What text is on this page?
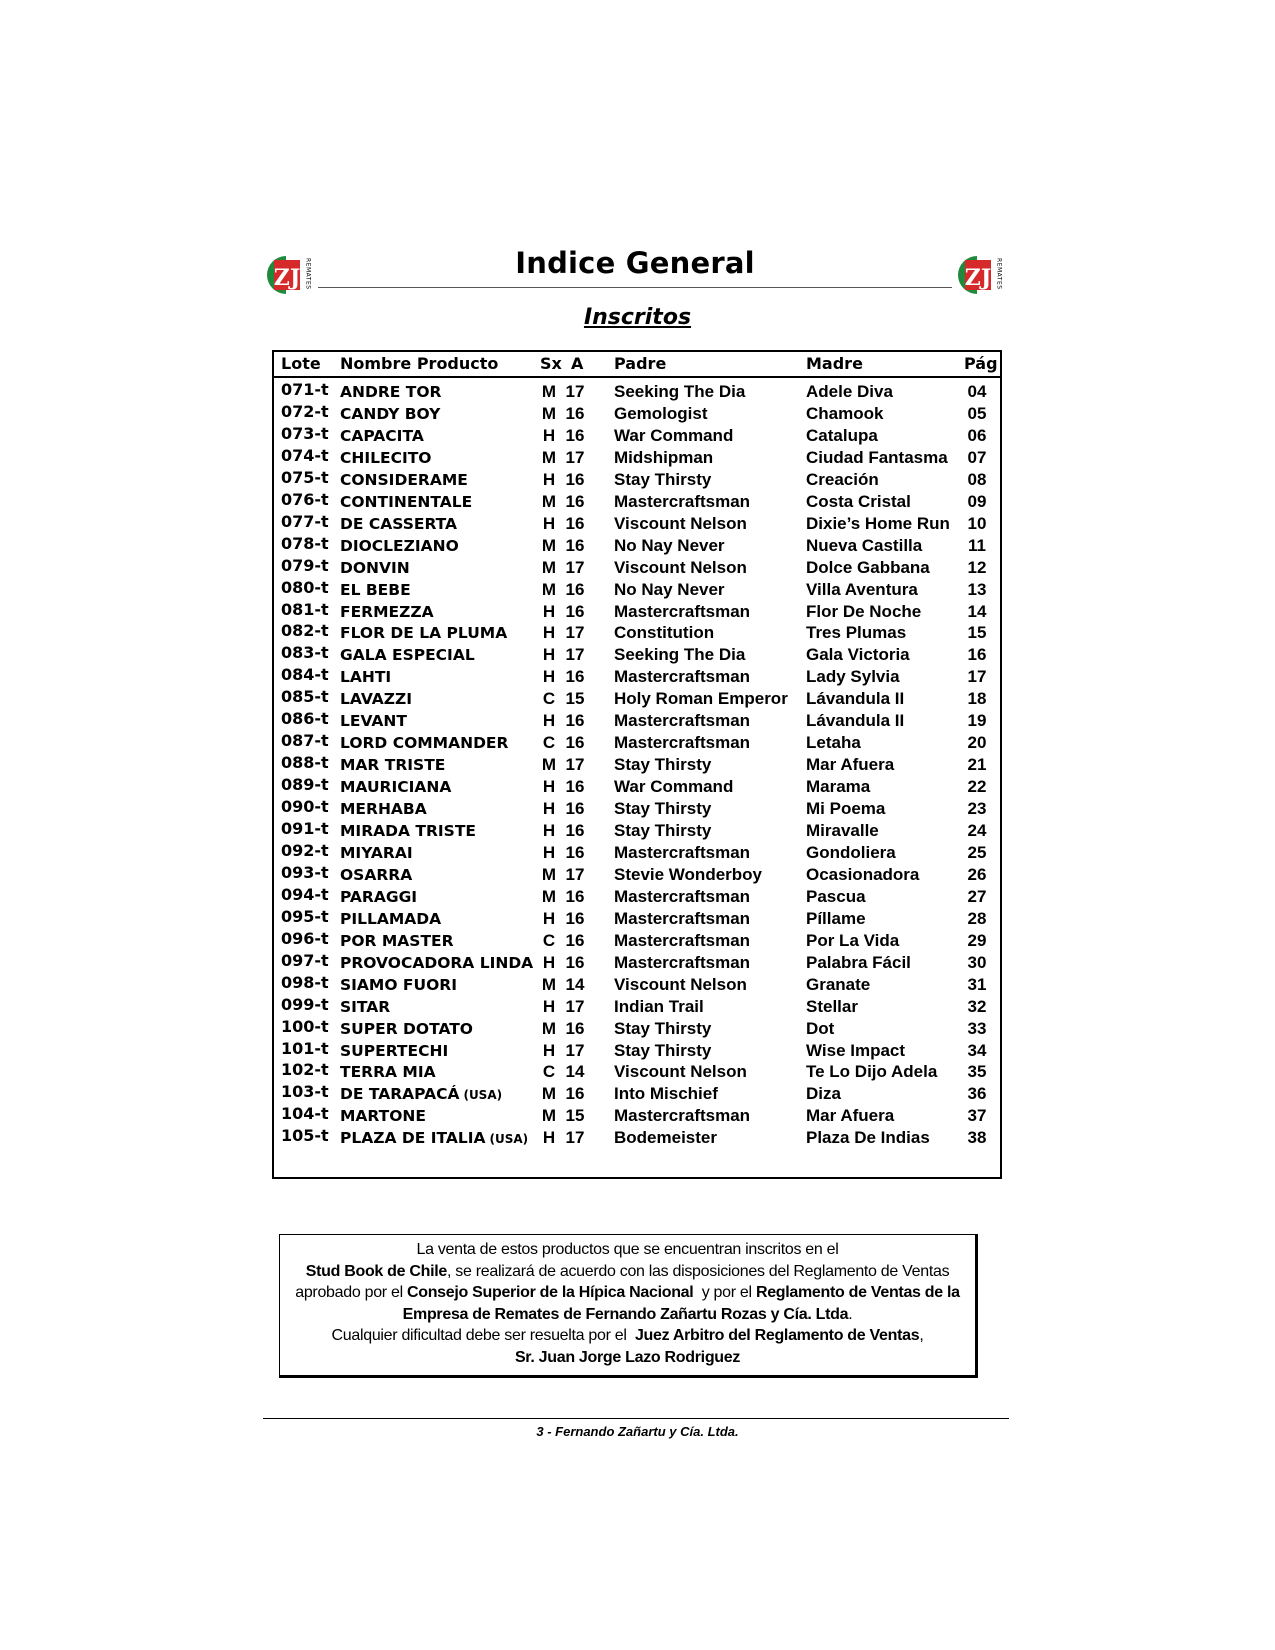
ZJ REMATES	Indice General	ZJ REMATES
Inscritos
Lote Nombre Producto	Sx A Padre	Madre	Pág
071-t ANDRE TOR	M 17 Seeking The Dia	Adele Diva	04
072-t CANDY BOY	M 16 Gemologist	Chamook	05
073-t CAPACITA	H 16 War Command	Catalupa	06
074-t CHILECITO	M 17 Midshipman	Ciudad Fantasma 07
075-t CONSIDERAME	H 16 Stay Thirsty	Creación	08
076-t CONTINENTALE	M 16 Mastercraftsman	Costa Cristal	09
077-t DE CASSERTA	H 16 Viscount Nelson	Dixie’s Home Run 10
078-t DIOCLEZIANO	M 16 No Nay Never	Nueva Castilla	11
079-t DONVIN	M 17 Viscount Nelson	Dolce Gabbana 12
080-t EL BEBE	M 16 No Nay Never	Villa Aventura	13
081-t FERMEZZA	H 16 Mastercraftsman	Flor De Noche	14
082-t FLOR DE LA PLUMA H 17 Constitution	Tres Plumas	15
083-t GALA ESPECIAL	H 17 Seeking The Dia	Gala Victoria	16
084-t LAHTI	H 16 Mastercraftsman	Lady Sylvia	17
085-t LAVAZZI	C 15 Holy Roman Emperor Lávandula II	18
086-t LEVANT	H 16 Mastercraftsman	Lávandula II	19
087-t LORD COMMANDER C 16 Mastercraftsman	Letaha	20
088-t MAR TRISTE	M 17 Stay Thirsty	Mar Afuera	21
089-t MAURICIANA	H 16 War Command	Marama	22
090-t MERHABA	H 16 Stay Thirsty	Mi Poema	23
091-t MIRADA TRISTE	H 16 Stay Thirsty	Miravalle	24
092-t MIYARAI	H 16 Mastercraftsman	Gondoliera	25
093-t OSARRA	M 17 Stevie Wonderboy	Ocasionadora	26
094-t PARAGGI	M 16 Mastercraftsman	Pascua	27
095-t PILLAMADA	H 16 Mastercraftsman	Píllame	28
096-t POR MASTER	C 16 Mastercraftsman	Por La Vida	29
097-t PROVOCADORA LINDA H 16 Mastercraftsman	Palabra Fácil	30
098-t SIAMO FUORI	M 14 Viscount Nelson	Granate	31
099-t SITAR	H 17 Indian Trail	Stellar	32
100-t SUPER DOTATO	M 16 Stay Thirsty	Dot	33
101-t SUPERTECHI	H 17 Stay Thirsty	Wise Impact	34
102-t TERRA MIA	C 14 Viscount Nelson	Te Lo Dijo Adela 35
103-t DE TARAPACÁ (USA) M 16 Into Mischief	Diza	36
104-t MARTONE	M 15 Mastercraftsman	Mar Afuera	37
105-t PLAZA DE ITALIA (USA) H 17 Bodemeister	Plaza De Indias 38
La venta de estos productos que se encuentran inscritos en el
Stud Book de Chile, se realizará de acuerdo con las disposiciones del Reglamento de Ventas
aprobado por el Consejo Superior de la Hípica Nacional  y por el Reglamento de Ventas de la
Empresa de Remates de Fernando Zañartu Rozas y Cía. Ltda.
Cualquier dificultad debe ser resuelta por el  Juez Arbitro del Reglamento de Ventas,
Sr. Juan Jorge Lazo Rodriguez
3 - Fernando Zañartu y Cía. Ltda.
